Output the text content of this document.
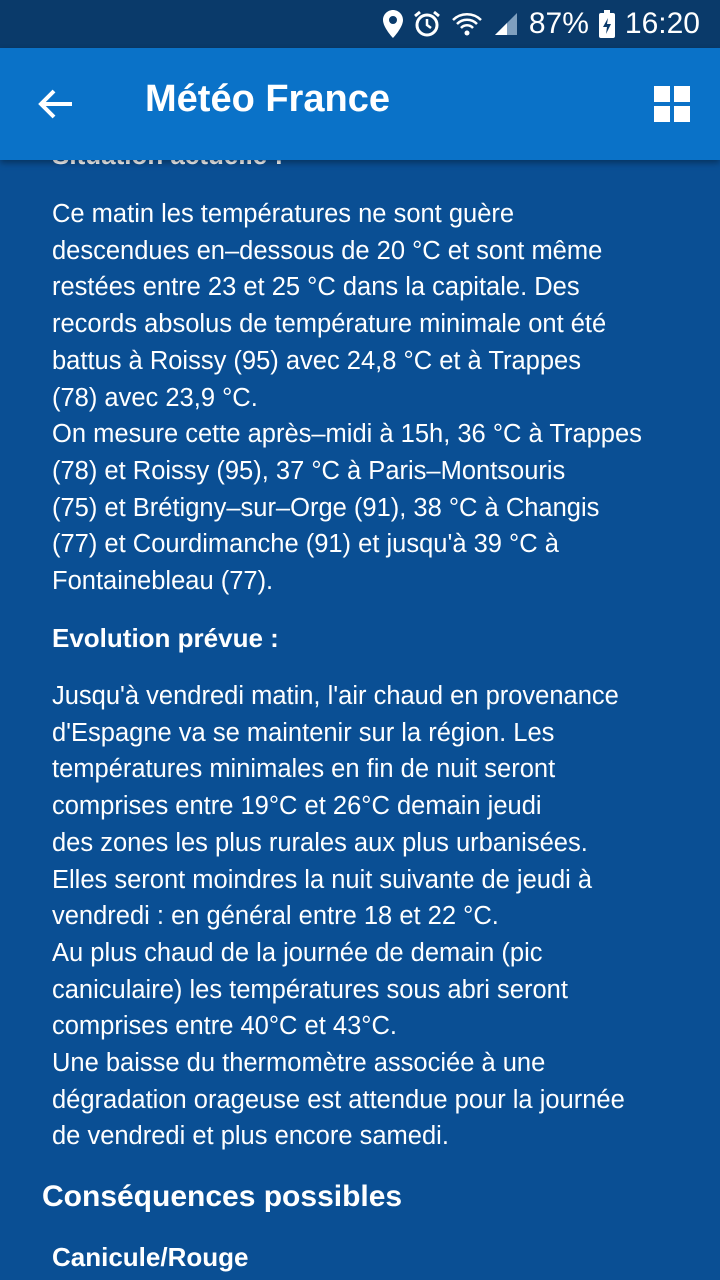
87% 16:20
Météo France
Ce matin les températures ne sont guère
descendues en–dessous de 20 °C et sont même
restées entre 23 et 25 °C dans la capitale. Des
records absolus de température minimale ont été
battus à Roissy (95) avec 24,8 °C et à Trappes
(78) avec 23,9 °C.
On mesure cette après–midi à 15h, 36 °C à Trappes
(78) et Roissy (95), 37 °C à Paris–Montsouris
(75) et Brétigny–sur–Orge (91), 38 °C à Changis
(77) et Courdimanche (91) et jusqu'à 39 °C à
Fontainebleau (77).
Evolution prévue :
Jusqu'à vendredi matin, l'air chaud en provenance
d'Espagne va se maintenir sur la région. Les
températures minimales en fin de nuit seront
comprises entre 19°C et 26°C demain jeudi
des zones les plus rurales aux plus urbanisées.
Elles seront moindres la nuit suivante de jeudi à
vendredi : en général entre 18 et 22 °C.
Au plus chaud de la journée de demain (pic
caniculaire) les températures sous abri seront
comprises entre 40°C et 43°C.
Une baisse du thermomètre associée à une
dégradation orageuse est attendue pour la journée
de vendredi et plus encore samedi.
Conséquences possibles
Canicule/Rouge
